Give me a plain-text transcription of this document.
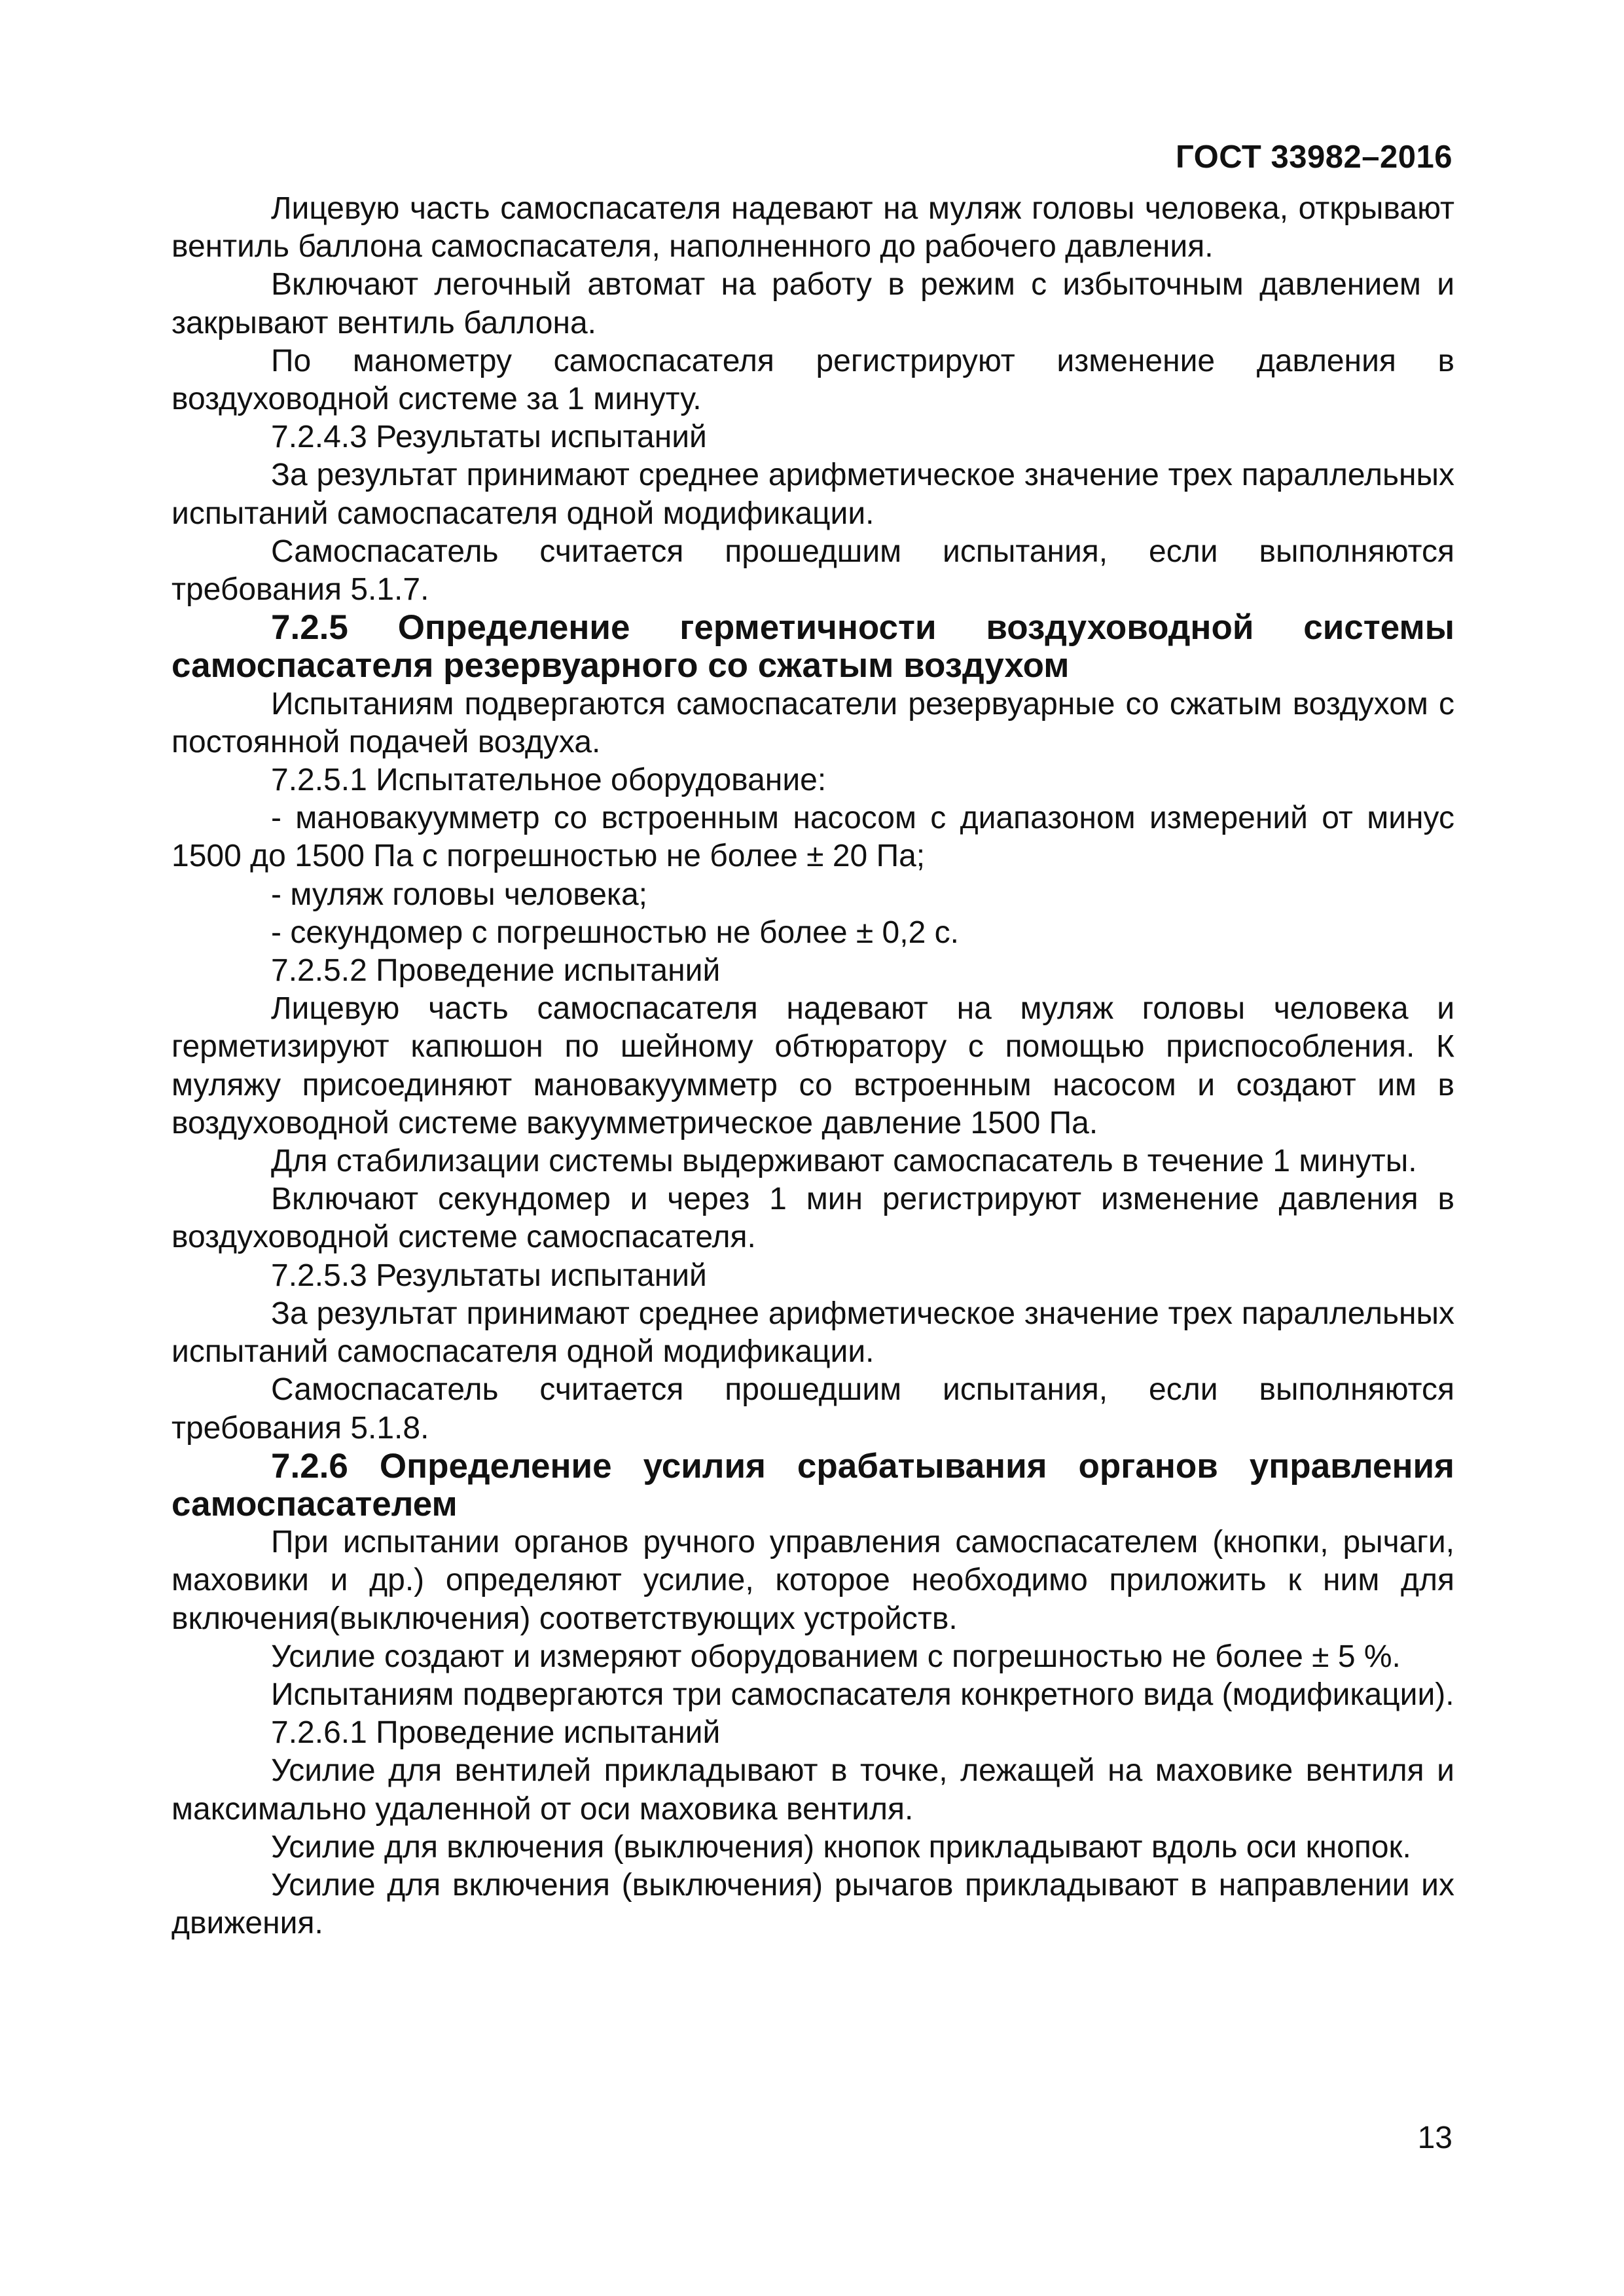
ГОСТ 33982–2016

Лицевую часть самоспасателя надевают на муляж головы человека, открывают вентиль баллона самоспасателя, наполненного до рабочего давления.

Включают легочный автомат на работу в режим с избыточным давлением и закрывают вентиль баллона.

По манометру самоспасателя регистрируют изменение давления в воздуховодной системе за 1 минуту.

7.2.4.3 Результаты испытаний

За результат принимают среднее арифметическое значение трех параллельных испытаний самоспасателя одной модификации.

Самоспасатель считается прошедшим испытания, если выполняются требования 5.1.7.

7.2.5 Определение герметичности воздуховодной системы самоспасателя резервуарного со сжатым воздухом

Испытаниям подвергаются самоспасатели резервуарные со сжатым воздухом с постоянной подачей воздуха.

7.2.5.1 Испытательное оборудование:

- мановакуумметр со встроенным насосом с диапазоном измерений от минус 1500 до 1500 Па с погрешностью не более ± 20 Па;

- муляж головы человека;

- секундомер с погрешностью не более ± 0,2 с.

7.2.5.2 Проведение испытаний

Лицевую часть самоспасателя надевают на муляж головы человека и герметизируют капюшон по шейному обтюратору с помощью приспособления. К муляжу присоединяют мановакуумметр со встроенным насосом и создают им в воздуховодной системе вакуумметрическое давление 1500 Па.

Для стабилизации системы выдерживают самоспасатель в течение 1 минуты.

Включают секундомер и через 1 мин регистрируют изменение давления в воздуховодной системе самоспасателя.

7.2.5.3 Результаты испытаний

За результат принимают среднее арифметическое значение трех параллельных испытаний самоспасателя одной модификации.

Самоспасатель считается прошедшим испытания, если выполняются требования 5.1.8.

7.2.6 Определение усилия срабатывания органов управления самоспасателем

При испытании органов ручного управления самоспасателем (кнопки, рычаги, маховики и др.) определяют усилие, которое необходимо приложить к ним для включения(выключения) соответствующих устройств.

Усилие создают и измеряют оборудованием с погрешностью не более ± 5 %.

Испытаниям подвергаются три самоспасателя конкретного вида (модификации).

7.2.6.1 Проведение испытаний

Усилие для вентилей прикладывают в точке, лежащей на маховике вентиля и максимально удаленной от оси маховика вентиля.

Усилие для включения (выключения) кнопок прикладывают вдоль оси кнопок.

Усилие для включения (выключения) рычагов прикладывают в направлении их движения.

13
